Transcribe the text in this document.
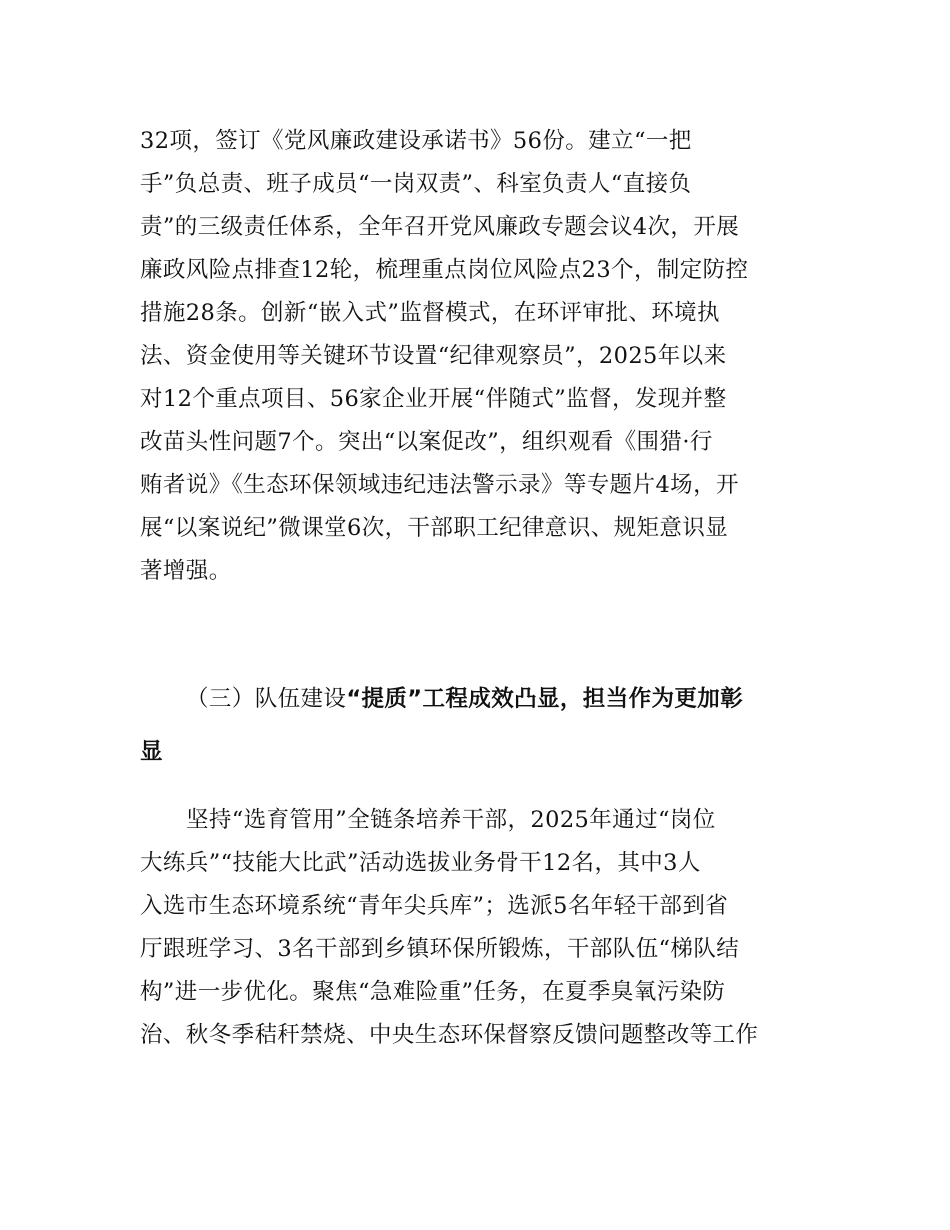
32项，签订《党风廉政建设承诺书》56份。建立“一把
手”负总责、班子成员“一岗双责”、科室负责人“直接负
责”的三级责任体系，全年召开党风廉政专题会议4次，开展
廉政风险点排查12轮，梳理重点岗位风险点23个，制定防控
措施28条。创新“嵌入式”监督模式，在环评审批、环境执
法、资金使用等关键环节设置“纪律观察员”，2025年以来
对12个重点项目、56家企业开展“伴随式”监督，发现并整
改苗头性问题7个。突出“以案促改”，组织观看《围猎·行
贿者说》《生态环保领域违纪违法警示录》等专题片4场，开
展“以案说纪”微课堂6次，干部职工纪律意识、规矩意识显
著增强。
（三）队伍建设“提质”工程成效凸显，担当作为更加彰
显
坚持“选育管用”全链条培养干部，2025年通过“岗位
大练兵”“技能大比武”活动选拔业务骨干12名，其中3人
入选市生态环境系统“青年尖兵库”；选派5名年轻干部到省
厅跟班学习、3名干部到乡镇环保所锻炼，干部队伍“梯队结
构”进一步优化。聚焦“急难险重”任务，在夏季臭氧污染防
治、秋冬季秸秆禁烧、中央生态环保督察反馈问题整改等工作
